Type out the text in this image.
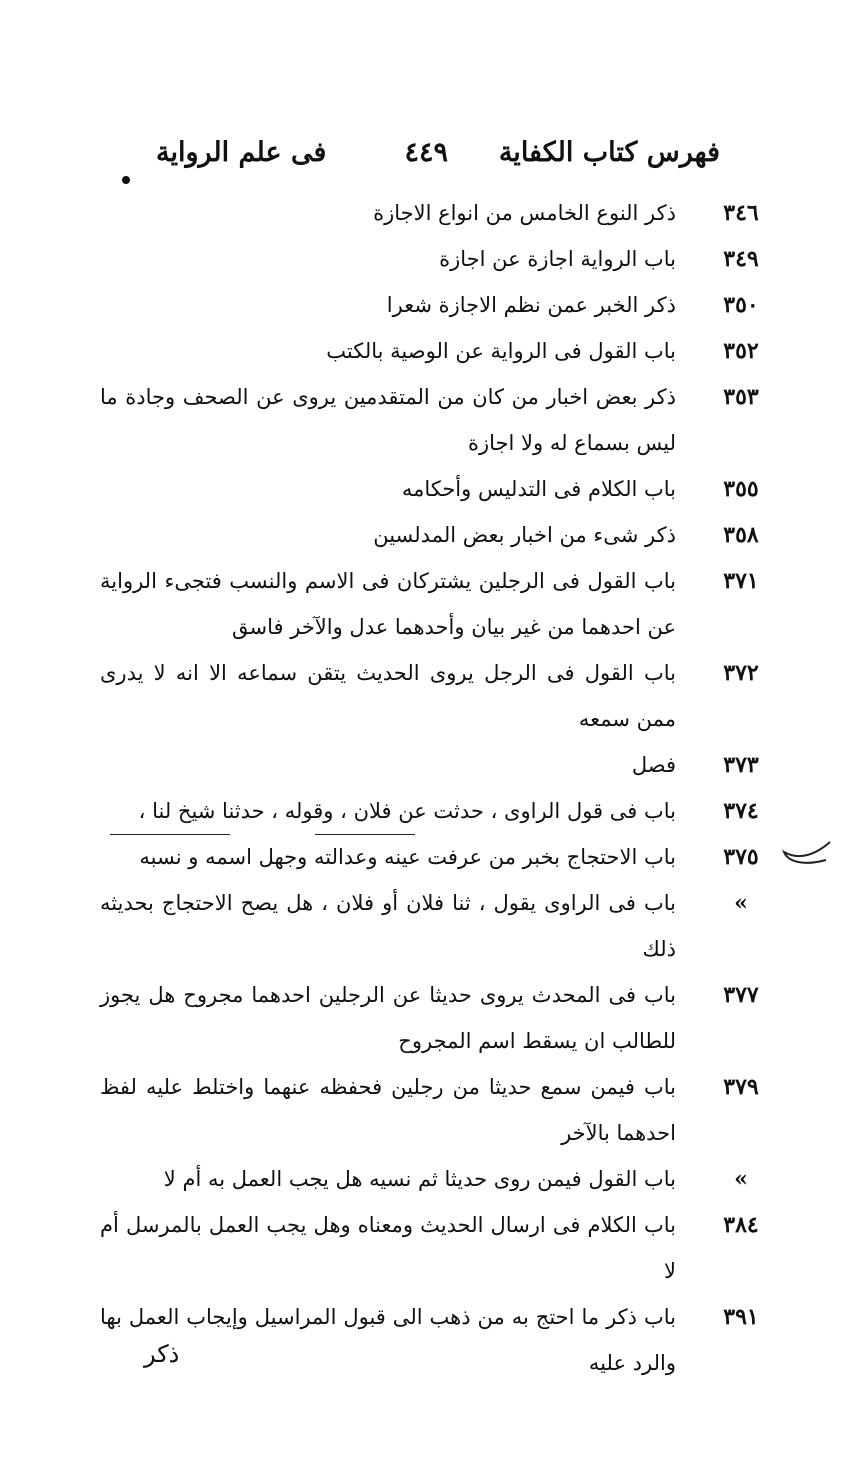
فهرس كتاب الكفاية
٤٤٩
فى علم الرواية
٣٤٦
ذكر النوع الخامس من انواع الاجازة
٣٤٩
باب الرواية اجازة عن اجازة
٣٥٠
ذكر الخبر عمن نظم الاجازة شعرا
٣٥٢
باب القول فى الرواية عن الوصية بالكتب
٣٥٣
ذكر بعض اخبار من كان من المتقدمين يروى عن الصحف وجادة ما ليس بسماع له ولا اجازة
٣٥٥
باب الكلام فى التدليس وأحكامه
٣٥٨
ذكر شىء من اخبار بعض المدلسين
٣٧١
باب القول فى الرجلين يشتركان فى الاسم والنسب فتجىء الرواية عن احدهما من غير بيان وأحدهما عدل والآخر فاسق
٣٧٢
باب القول فى الرجل يروى الحديث يتقن سماعه الا انه لا يدرى ممن سمعه
٣٧٣
فصل
٣٧٤
باب فى قول الراوى ، حدثت عن فلان ، وقوله ، حدثنا شيخ لنا ،
٣٧٥
باب الاحتجاج بخبر من عرفت عينه وعدالته وجهل اسمه و نسبه
»
باب فى الراوى يقول ، ثنا فلان أو فلان ، هل يصح الاحتجاج بحديثه ذلك
٣٧٧
باب فى المحدث يروى حديثا عن الرجلين احدهما مجروح هل يجوز للطالب ان يسقط اسم المجروح
٣٧٩
باب فيمن سمع حديثا من رجلين فحفظه عنهما واختلط عليه لفظ احدهما بالآخر
»
باب القول فيمن روى حديثا ثم نسيه هل يجب العمل به أم لا
٣٨٤
باب الكلام فى ارسال الحديث ومعناه وهل يجب العمل بالمرسل أم لا
٣٩١
باب ذكر ما احتج به من ذهب الى قبول المراسيل وإيجاب العمل بها والرد عليه
ذكر
